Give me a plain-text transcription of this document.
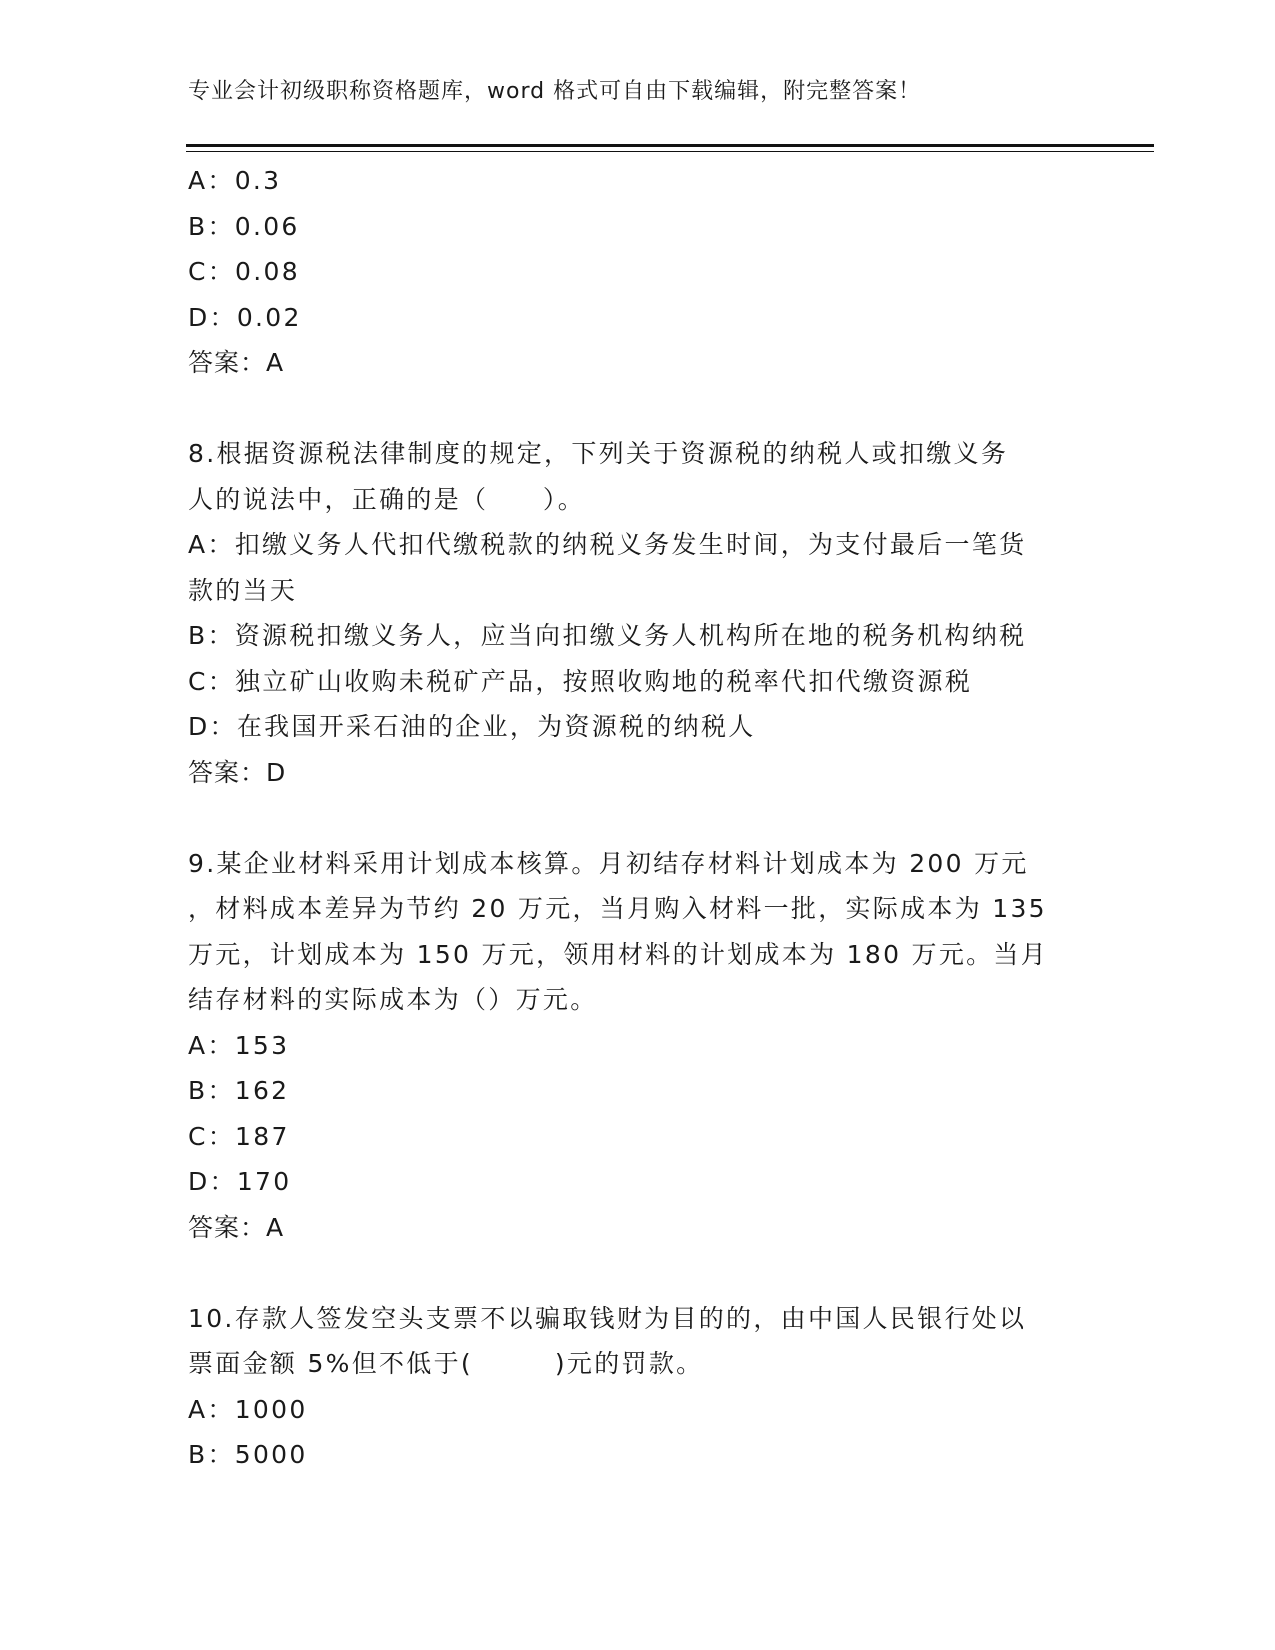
专业会计初级职称资格题库，word 格式可自由下载编辑，附完整答案！
A：0.3
B：0.06
C：0.08
D：0.02
答案：A
8.根据资源税法律制度的规定，下列关于资源税的纳税人或扣缴义务
人的说法中，正确的是（　　）。
A：扣缴义务人代扣代缴税款的纳税义务发生时间，为支付最后一笔货
款的当天
B：资源税扣缴义务人，应当向扣缴义务人机构所在地的税务机构纳税
C：独立矿山收购未税矿产品，按照收购地的税率代扣代缴资源税
D：在我国开采石油的企业，为资源税的纳税人
答案：D
9.某企业材料采用计划成本核算。月初结存材料计划成本为 200 万元
，材料成本差异为节约 20 万元，当月购入材料一批，实际成本为 135
万元，计划成本为 150 万元，领用材料的计划成本为 180 万元。当月
结存材料的实际成本为（）万元。
A：153
B：162
C：187
D：170
答案：A
10.存款人签发空头支票不以骗取钱财为目的的，由中国人民银行处以
票面金额 5%但不低于(　　　)元的罚款。
A：1000
B：5000
